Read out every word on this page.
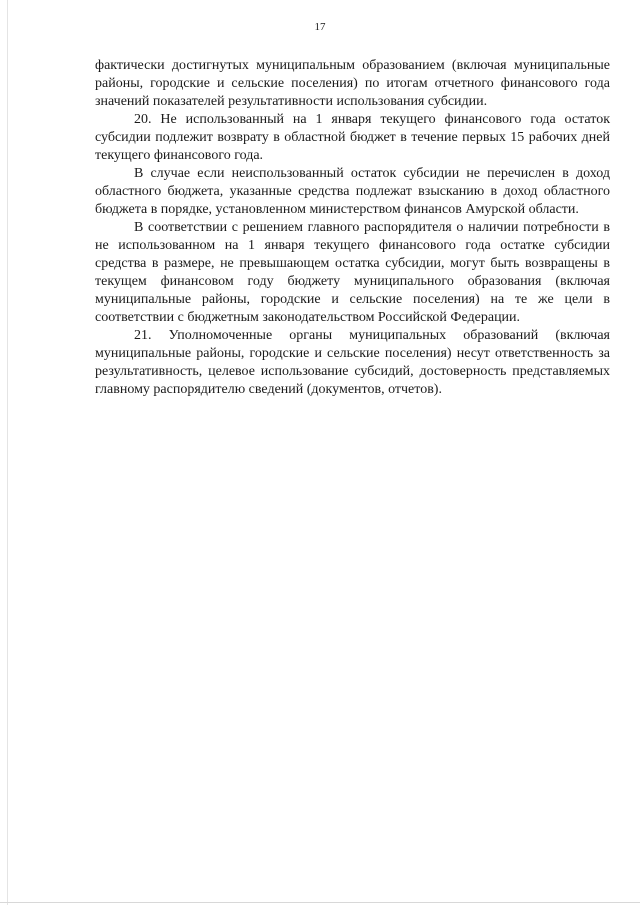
17

фактически достигнутых муниципальным образованием (включая муниципальные районы, городские и сельские поселения) по итогам отчетного финансового года значений показателей результативности использования субсидии.

20. Не использованный на 1 января текущего финансового года остаток субсидии подлежит возврату в областной бюджет в течение первых 15 рабочих дней текущего финансового года.

В случае если неиспользованный остаток субсидии не перечислен в доход областного бюджета, указанные средства подлежат взысканию в доход областного бюджета в порядке, установленном министерством финансов Амурской области.

В соответствии с решением главного распорядителя о наличии потребности в не использованном на 1 января текущего финансового года остатке субсидии средства в размере, не превышающем остатка субсидии, могут быть возвращены в текущем финансовом году бюджету муниципального образования (включая муниципальные районы, городские и сельские поселения) на те же цели в соответствии с бюджетным законодательством Российской Федерации.

21. Уполномоченные органы муниципальных образований (включая муниципальные районы, городские и сельские поселения) несут ответственность за результативность, целевое использование субсидий, достоверность представляемых главному распорядителю сведений (документов, отчетов).
